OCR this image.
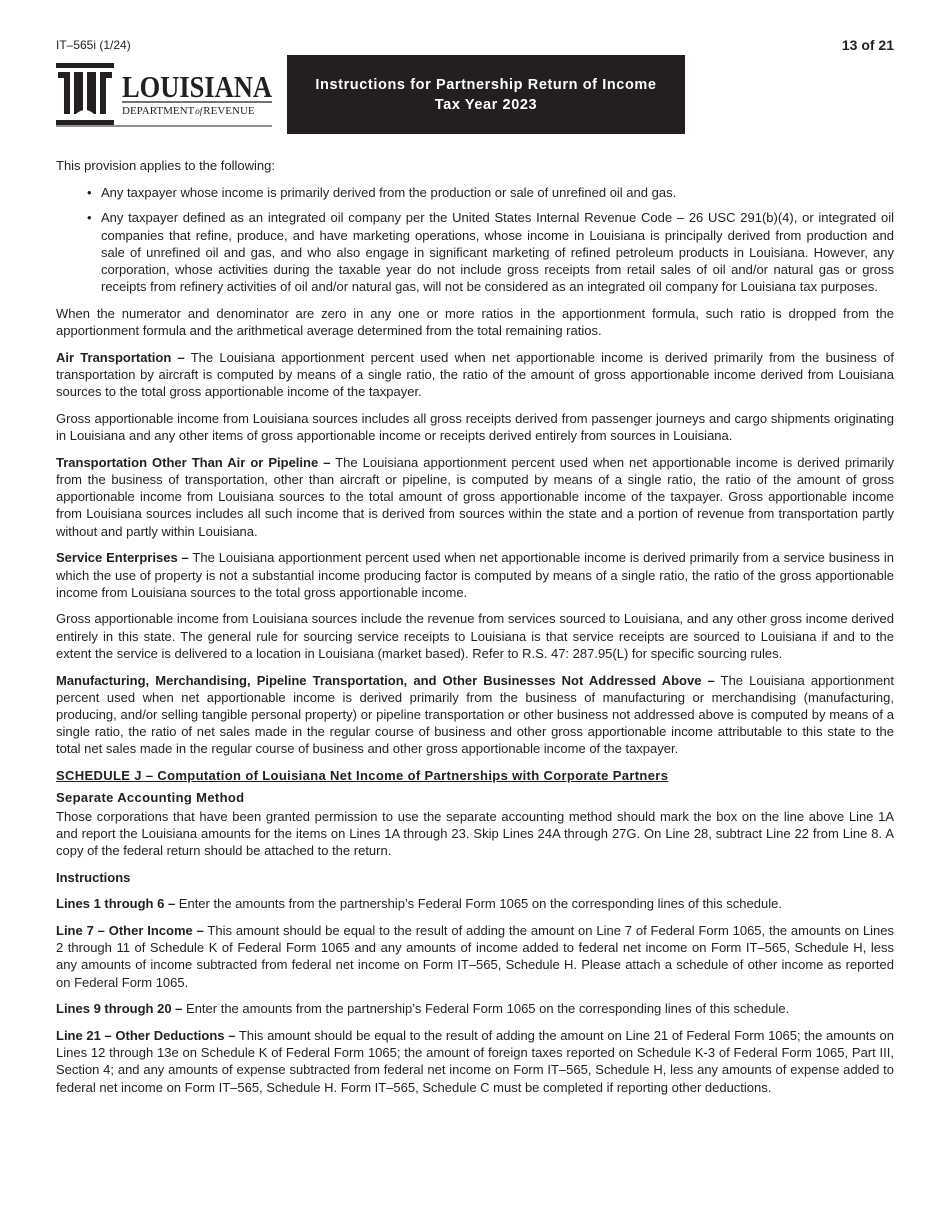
IT–565i (1/24)	13 of 21
LOUISIANA
DEPARTMENTofREVENUE
Instructions for Partnership Return of Income
Tax Year 2023

This provision applies to the following:

• Any taxpayer whose income is primarily derived from the production or sale of unrefined oil and gas.
• Any taxpayer defined as an integrated oil company per the United States Internal Revenue Code – 26 USC 291(b)(4), or integrated oil companies that refine, produce, and have marketing operations, whose income in Louisiana is principally derived from production and sale of unrefined oil and gas, and who also engage in significant marketing of refined petroleum products in Louisiana. However, any corporation, whose activities during the taxable year do not include gross receipts from retail sales of oil and/or natural gas or gross receipts from refinery activities of oil and/or natural gas, will not be considered as an integrated oil company for Louisiana tax purposes.

When the numerator and denominator are zero in any one or more ratios in the apportionment formula, such ratio is dropped from the apportionment formula and the arithmetical average determined from the total remaining ratios.

Air Transportation – The Louisiana apportionment percent used when net apportionable income is derived primarily from the business of transportation by aircraft is computed by means of a single ratio, the ratio of the amount of gross apportionable income derived from Louisiana sources to the total gross apportionable income of the taxpayer.

Gross apportionable income from Louisiana sources includes all gross receipts derived from passenger journeys and cargo shipments originating in Louisiana and any other items of gross apportionable income or receipts derived entirely from sources in Louisiana.

Transportation Other Than Air or Pipeline – The Louisiana apportionment percent used when net apportionable income is derived primarily from the business of transportation, other than aircraft or pipeline, is computed by means of a single ratio, the ratio of the amount of gross apportionable income from Louisiana sources to the total amount of gross apportionable income of the taxpayer. Gross apportionable income from Louisiana sources includes all such income that is derived from sources within the state and a portion of revenue from transportation partly without and partly within Louisiana.

Service Enterprises – The Louisiana apportionment percent used when net apportionable income is derived primarily from a service business in which the use of property is not a substantial income producing factor is computed by means of a single ratio, the ratio of the gross apportionable income from Louisiana sources to the total gross apportionable income.

Gross apportionable income from Louisiana sources include the revenue from services sourced to Louisiana, and any other gross income derived entirely in this state. The general rule for sourcing service receipts to Louisiana is that service receipts are sourced to Louisiana if and to the extent the service is delivered to a location in Louisiana (market based). Refer to R.S. 47: 287.95(L) for specific sourcing rules.

Manufacturing, Merchandising, Pipeline Transportation, and Other Businesses Not Addressed Above – The Louisiana apportionment percent used when net apportionable income is derived primarily from the business of manufacturing or merchandising (manufacturing, producing, and/or selling tangible personal property) or pipeline transportation or other business not addressed above is computed by means of a single ratio, the ratio of net sales made in the regular course of business and other gross apportionable income attributable to this state to the total net sales made in the regular course of business and other gross apportionable income of the taxpayer.

SCHEDULE J – Computation of Louisiana Net Income of Partnerships with Corporate Partners

Separate Accounting Method

Those corporations that have been granted permission to use the separate accounting method should mark the box on the line above Line 1A and report the Louisiana amounts for the items on Lines 1A through 23. Skip Lines 24A through 27G. On Line 28, subtract Line 22 from Line 8. A copy of the federal return should be attached to the return.

Instructions

Lines 1 through 6 – Enter the amounts from the partnership’s Federal Form 1065 on the corresponding lines of this schedule.

Line 7 – Other Income – This amount should be equal to the result of adding the amount on Line 7 of Federal Form 1065, the amounts on Lines 2 through 11 of Schedule K of Federal Form 1065 and any amounts of income added to federal net income on Form IT–565, Schedule H, less any amounts of income subtracted from federal net income on Form IT–565, Schedule H. Please attach a schedule of other income as reported on Federal Form 1065.

Lines 9 through 20 – Enter the amounts from the partnership’s Federal Form 1065 on the corresponding lines of this schedule.

Line 21 – Other Deductions – This amount should be equal to the result of adding the amount on Line 21 of Federal Form 1065; the amounts on Lines 12 through 13e on Schedule K of Federal Form 1065; the amount of foreign taxes reported on Schedule K-3 of Federal Form 1065, Part III, Section 4; and any amounts of expense subtracted from federal net income on Form IT–565, Schedule H, less any amounts of expense added to federal net income on Form IT–565, Schedule H. Form IT–565, Schedule C must be completed if reporting other deductions.
